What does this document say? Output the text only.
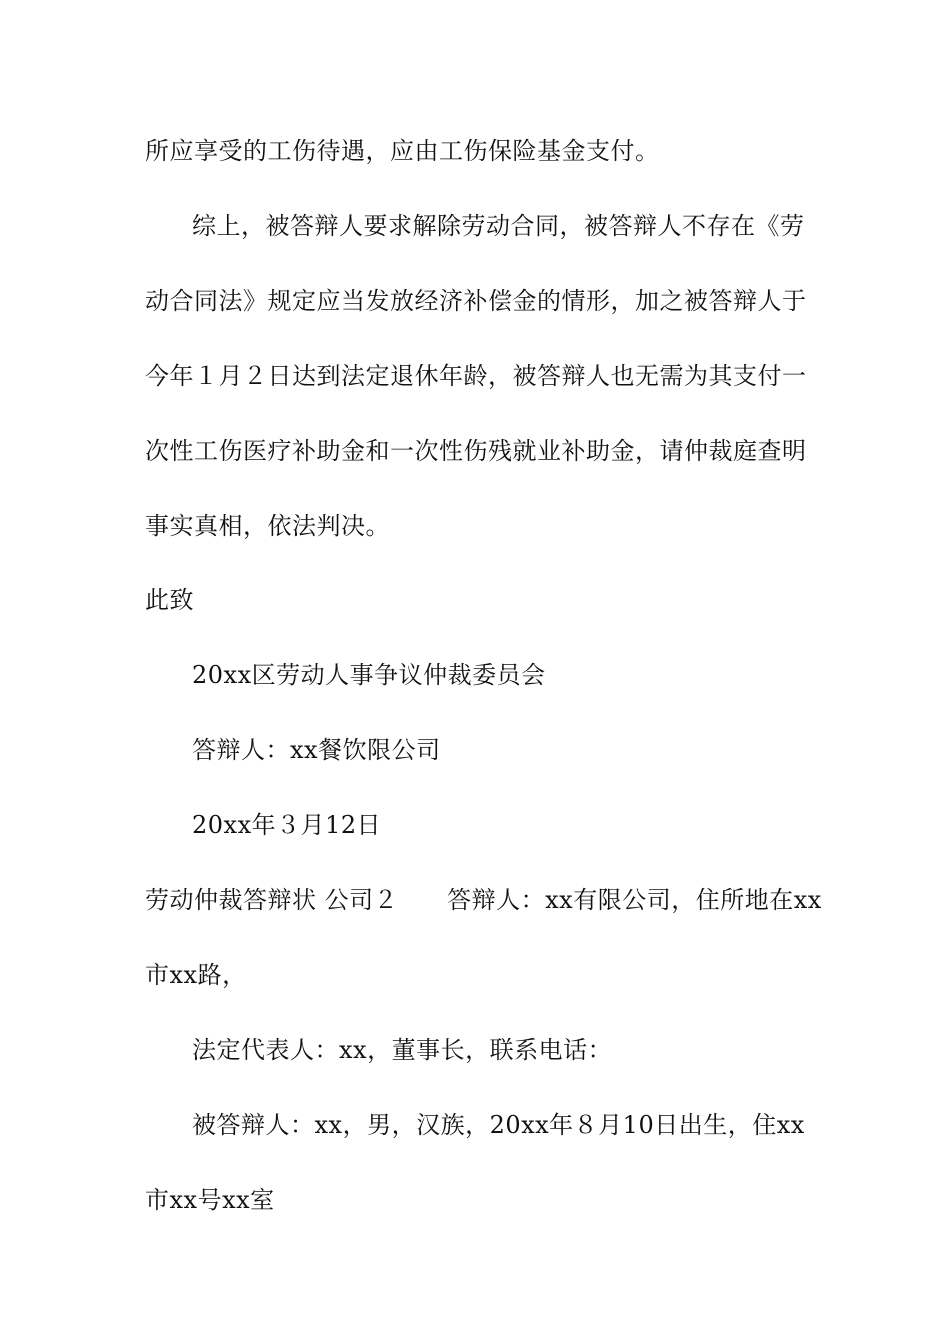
所应享受的工伤待遇，应由工伤保险基金支付。
综上，被答辩人要求解除劳动合同，被答辩人不存在《劳
动合同法》规定应当发放经济补偿金的情形，加之被答辩人于
今年１月２日达到法定退休年龄，被答辩人也无需为其支付一
次性工伤医疗补助金和一次性伤残就业补助金，请仲裁庭查明
事实真相，依法判决。
此致
20xx区劳动人事争议仲裁委员会
答辩人：xx餐饮限公司
20xx年３月12日
劳动仲裁答辩状 公司２　　答辩人：xx有限公司，住所地在xx
市xx路，
法定代表人：xx，董事长，联系电话：
被答辩人：xx，男，汉族，20xx年８月10日出生，住xx
市xx号xx室
